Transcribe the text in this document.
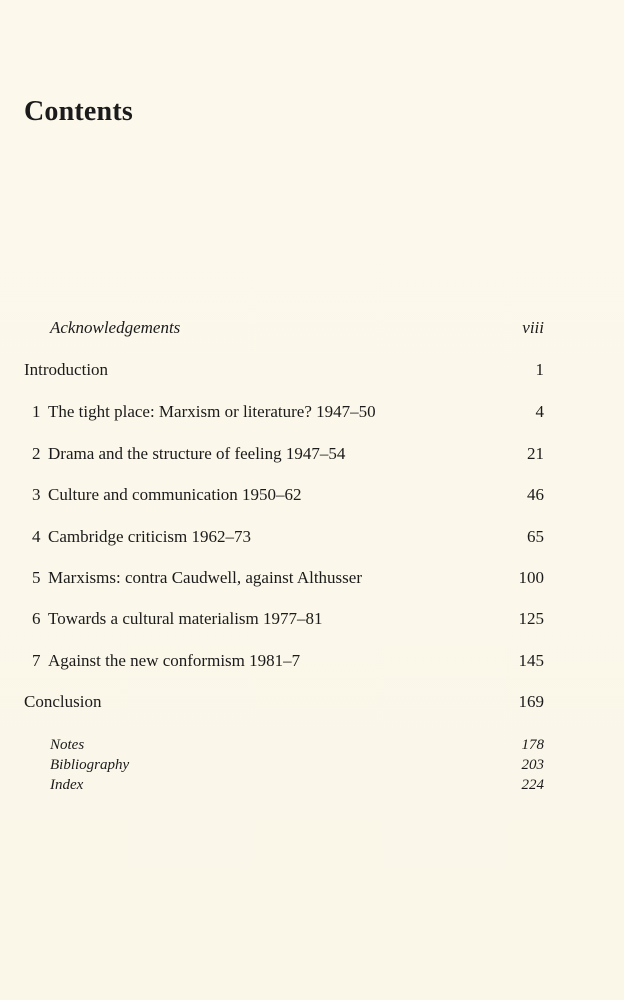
Contents
Acknowledgements	viii
Introduction	1
1 The tight place: Marxism or literature? 1947–50	4
2 Drama and the structure of feeling 1947–54	21
3 Culture and communication 1950–62	46
4 Cambridge criticism 1962–73	65
5 Marxisms: contra Caudwell, against Althusser	100
6 Towards a cultural materialism 1977–81	125
7 Against the new conformism 1981–7	145
Conclusion	169
Notes	178
Bibliography	203
Index	224
